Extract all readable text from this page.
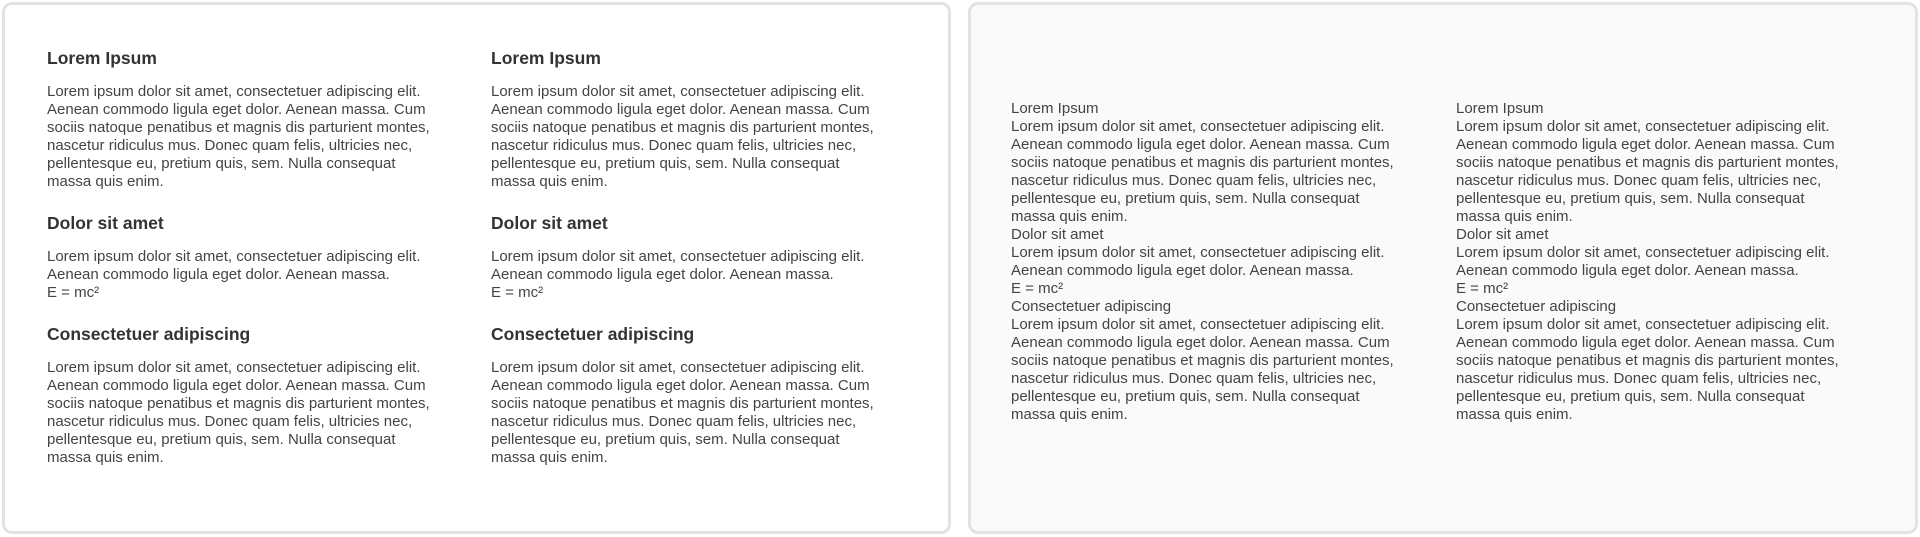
Lorem Ipsum

Lorem ipsum dolor sit amet, consectetuer adipiscing elit.
Aenean commodo ligula eget dolor. Aenean massa. Cum
sociis natoque penatibus et magnis dis parturient montes,
nascetur ridiculus mus. Donec quam felis, ultricies nec,
pellentesque eu, pretium quis, sem. Nulla consequat
massa quis enim.

Dolor sit amet

Lorem ipsum dolor sit amet, consectetuer adipiscing elit.
Aenean commodo ligula eget dolor. Aenean massa.
E = mc²

Consectetuer adipiscing

Lorem ipsum dolor sit amet, consectetuer adipiscing elit.
Aenean commodo ligula eget dolor. Aenean massa. Cum
sociis natoque penatibus et magnis dis parturient montes,
nascetur ridiculus mus. Donec quam felis, ultricies nec,
pellentesque eu, pretium quis, sem. Nulla consequat
massa quis enim.

Lorem Ipsum

Lorem ipsum dolor sit amet, consectetuer adipiscing elit.
Aenean commodo ligula eget dolor. Aenean massa. Cum
sociis natoque penatibus et magnis dis parturient montes,
nascetur ridiculus mus. Donec quam felis, ultricies nec,
pellentesque eu, pretium quis, sem. Nulla consequat
massa quis enim.

Dolor sit amet

Lorem ipsum dolor sit amet, consectetuer adipiscing elit.
Aenean commodo ligula eget dolor. Aenean massa.
E = mc²

Consectetuer adipiscing

Lorem ipsum dolor sit amet, consectetuer adipiscing elit.
Aenean commodo ligula eget dolor. Aenean massa. Cum
sociis natoque penatibus et magnis dis parturient montes,
nascetur ridiculus mus. Donec quam felis, ultricies nec,
pellentesque eu, pretium quis, sem. Nulla consequat
massa quis enim.

Lorem Ipsum
Lorem ipsum dolor sit amet, consectetuer adipiscing elit.
Aenean commodo ligula eget dolor. Aenean massa. Cum
sociis natoque penatibus et magnis dis parturient montes,
nascetur ridiculus mus. Donec quam felis, ultricies nec,
pellentesque eu, pretium quis, sem. Nulla consequat
massa quis enim.
Dolor sit amet
Lorem ipsum dolor sit amet, consectetuer adipiscing elit.
Aenean commodo ligula eget dolor. Aenean massa.
E = mc²
Consectetuer adipiscing
Lorem ipsum dolor sit amet, consectetuer adipiscing elit.
Aenean commodo ligula eget dolor. Aenean massa. Cum
sociis natoque penatibus et magnis dis parturient montes,
nascetur ridiculus mus. Donec quam felis, ultricies nec,
pellentesque eu, pretium quis, sem. Nulla consequat
massa quis enim.
Lorem Ipsum
Lorem ipsum dolor sit amet, consectetuer adipiscing elit.
Aenean commodo ligula eget dolor. Aenean massa. Cum
sociis natoque penatibus et magnis dis parturient montes,
nascetur ridiculus mus. Donec quam felis, ultricies nec,
pellentesque eu, pretium quis, sem. Nulla consequat
massa quis enim.
Dolor sit amet
Lorem ipsum dolor sit amet, consectetuer adipiscing elit.
Aenean commodo ligula eget dolor. Aenean massa.
E = mc²
Consectetuer adipiscing
Lorem ipsum dolor sit amet, consectetuer adipiscing elit.
Aenean commodo ligula eget dolor. Aenean massa. Cum
sociis natoque penatibus et magnis dis parturient montes,
nascetur ridiculus mus. Donec quam felis, ultricies nec,
pellentesque eu, pretium quis, sem. Nulla consequat
massa quis enim.
